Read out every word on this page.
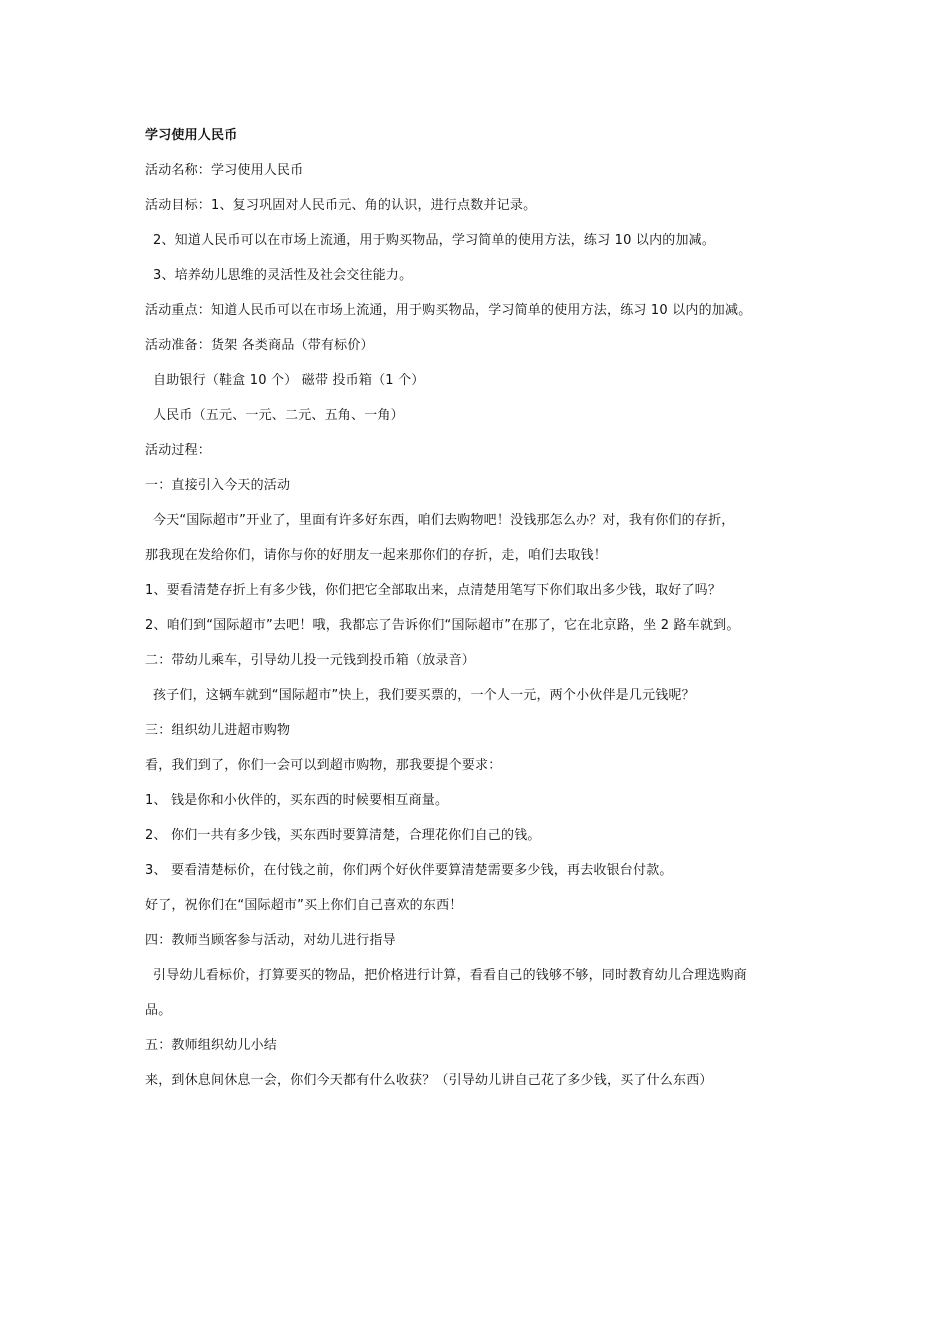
学习使用人民币
活动名称：学习使用人民币
活动目标：1、复习巩固对人民币元、角的认识，进行点数并记录。
2、知道人民币可以在市场上流通，用于购买物品，学习简单的使用方法，练习 10 以内的加减。
3、培养幼儿思维的灵活性及社会交往能力。
活动重点：知道人民币可以在市场上流通，用于购买物品，学习简单的使用方法，练习 10 以内的加减。
活动准备：货架 各类商品（带有标价）
自助银行（鞋盒 10 个） 磁带 投币箱（1 个）
人民币（五元、一元、二元、五角、一角）
活动过程：
一：直接引入今天的活动
今天“国际超市”开业了，里面有许多好东西，咱们去购物吧！没钱那怎么办？对，我有你们的存折，
那我现在发给你们，请你与你的好朋友一起来那你们的存折，走，咱们去取钱！
1、要看清楚存折上有多少钱，你们把它全部取出来，点清楚用笔写下你们取出多少钱，取好了吗？
2、咱们到“国际超市”去吧！哦，我都忘了告诉你们“国际超市”在那了，它在北京路，坐 2 路车就到。
二：带幼儿乘车，引导幼儿投一元钱到投币箱（放录音）
孩子们，这辆车就到“国际超市”快上，我们要买票的，一个人一元，两个小伙伴是几元钱呢？
三：组织幼儿进超市购物
看，我们到了，你们一会可以到超市购物，那我要提个要求：
1、 钱是你和小伙伴的，买东西的时候要相互商量。
2、 你们一共有多少钱，买东西时要算清楚，合理花你们自己的钱。
3、 要看清楚标价，在付钱之前，你们两个好伙伴要算清楚需要多少钱，再去收银台付款。
好了，祝你们在“国际超市”买上你们自己喜欢的东西！
四：教师当顾客参与活动，对幼儿进行指导
引导幼儿看标价，打算要买的物品，把价格进行计算，看看自己的钱够不够，同时教育幼儿合理选购商
品。
五：教师组织幼儿小结
来，到休息间休息一会，你们今天都有什么收获？（引导幼儿讲自己花了多少钱，买了什么东西）
